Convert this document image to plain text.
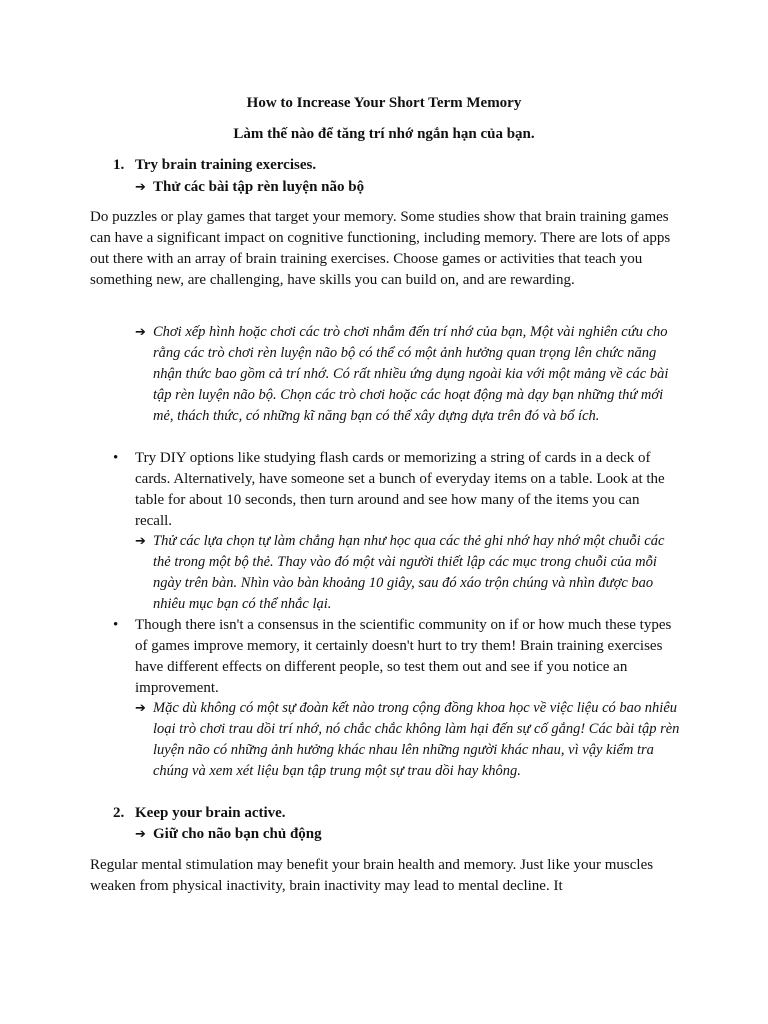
How to Increase Your Short Term Memory
Làm thế nào để tăng trí nhớ ngắn hạn của bạn.
1. Try brain training exercises.
➔ Thử các bài tập rèn luyện não bộ

Do puzzles or play games that target your memory. Some studies show that brain training games can have a significant impact on cognitive functioning, including memory. There are lots of apps out there with an array of brain training exercises. Choose games or activities that teach you something new, are challenging, have skills you can build on, and are rewarding.

➔ Chơi xếp hình hoặc chơi các trò chơi nhắm đến trí nhớ của bạn, Một vài nghiên cứu cho rằng các trò chơi rèn luyện não bộ có thể có một ảnh hưởng quan trọng lên chức năng nhận thức bao gồm cả trí nhớ. Có rất nhiều ứng dụng ngoài kia với một mảng về các bài tập rèn luyện não bộ. Chọn các trò chơi hoặc các hoạt động mà dạy bạn những thứ mới mẻ, thách thức, có những kĩ năng bạn có thể xây dựng dựa trên đó và bổ ích.
•	Try DIY options like studying flash cards or memorizing a string of cards in a deck of cards. Alternatively, have someone set a bunch of everyday items on a table. Look at the table for about 10 seconds, then turn around and see how many of the items you can recall.
➔ Thử các lựa chọn tự làm chẳng hạn như học qua các thẻ ghi nhớ hay nhớ một chuỗi các thẻ trong một bộ thẻ. Thay vào đó một vài người thiết lập các mục trong chuỗi của mỗi ngày trên bàn. Nhìn vào bàn khoảng 10 giây, sau đó xáo trộn chúng và nhìn được bao nhiêu mục bạn có thể nhắc lại.
•	Though there isn't a consensus in the scientific community on if or how much these types of games improve memory, it certainly doesn't hurt to try them! Brain training exercises have different effects on different people, so test them out and see if you notice an improvement.
➔ Mặc dù không có một sự đoàn kết nào trong cộng đồng khoa học về việc liệu có bao nhiêu loại trò chơi trau dồi trí nhớ, nó chắc chắc không làm hại đến sự cố gắng! Các bài tập rèn luyện não có những ảnh hưởng khác nhau lên những người khác nhau, vì vậy kiểm tra chúng và xem xét liệu bạn tập trung một sự trau dồi hay không.
2. Keep your brain active.
➔ Giữ cho não bạn chủ động

Regular mental stimulation may benefit your brain health and memory. Just like your muscles weaken from physical inactivity, brain inactivity may lead to mental decline. It
